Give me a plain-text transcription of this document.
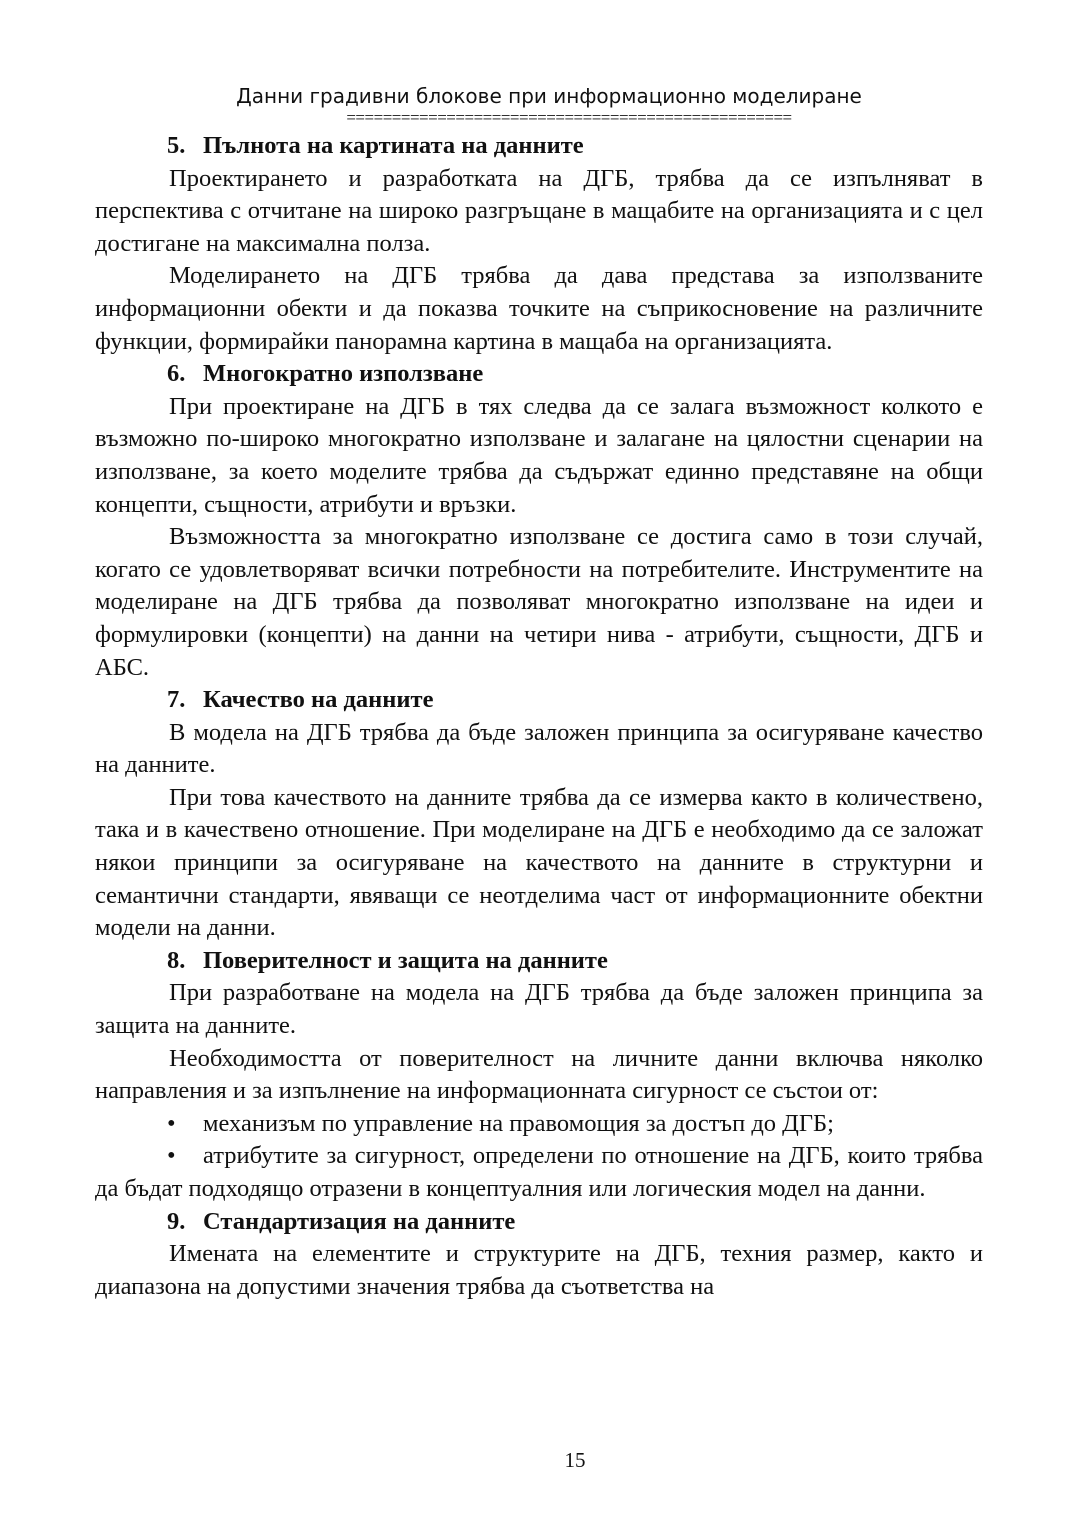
Данни градивни блокове при информационно моделиране

=================================================

5. Пълнота на картината на данните

Проектирането и разработката на ДГБ, трябва да се изпълняват в перспектива с отчитане на широко разгръщане в мащабите на организацията и с цел достигане на максимална полза.

Моделирането на ДГБ трябва да дава представа за използваните информационни обекти и да показва точките на съприкосновение на различните функции, формирайки панорамна картина в мащаба на организацията.

6. Многократно използване

При проектиране на ДГБ в тях следва да се залага възможност колкото е възможно по-широко многократно използване и залагане на цялостни сценарии на използване, за което моделите трябва да съдържат единно представяне на общи концепти, същности, атрибути и връзки.

Възможността за многократно използване се достига само в този случай, когато се удовлетворяват всички потребности на потребителите. Инструментите на моделиране на ДГБ трябва да позволяват многократно използване на идеи и формулировки (концепти) на данни на четири нива - атрибути, същности, ДГБ и АБС.

7. Качество на данните

В модела на ДГБ трябва да бъде заложен принципа за осигуряване качество на данните.

При това качеството на данните трябва да се измерва както в количествено, така и в качествено отношение. При моделиране на ДГБ е необходимо да се заложат някои принципи за осигуряване на качеството на данните в структурни и семантични стандарти, явяващи се неотделима част от информационните обектни модели на данни.

8. Поверителност и защита на данните

При разработване на модела на ДГБ трябва да бъде заложен принципа за защита на данните.

Необходимостта от поверителност на личните данни включва няколко направления и за изпълнение на информационната сигурност се състои от:

• механизъм по управление на правомощия за достъп до ДГБ;
• атрибутите за сигурност, определени по отношение на ДГБ, които трябва да бъдат подходящо отразени в концептуалния или логическия модел на данни.
9. Стандартизация на данните

Имената на елементите и структурите на ДГБ, техния размер, както и диапазона на допустими значения трябва да съответства на

15
